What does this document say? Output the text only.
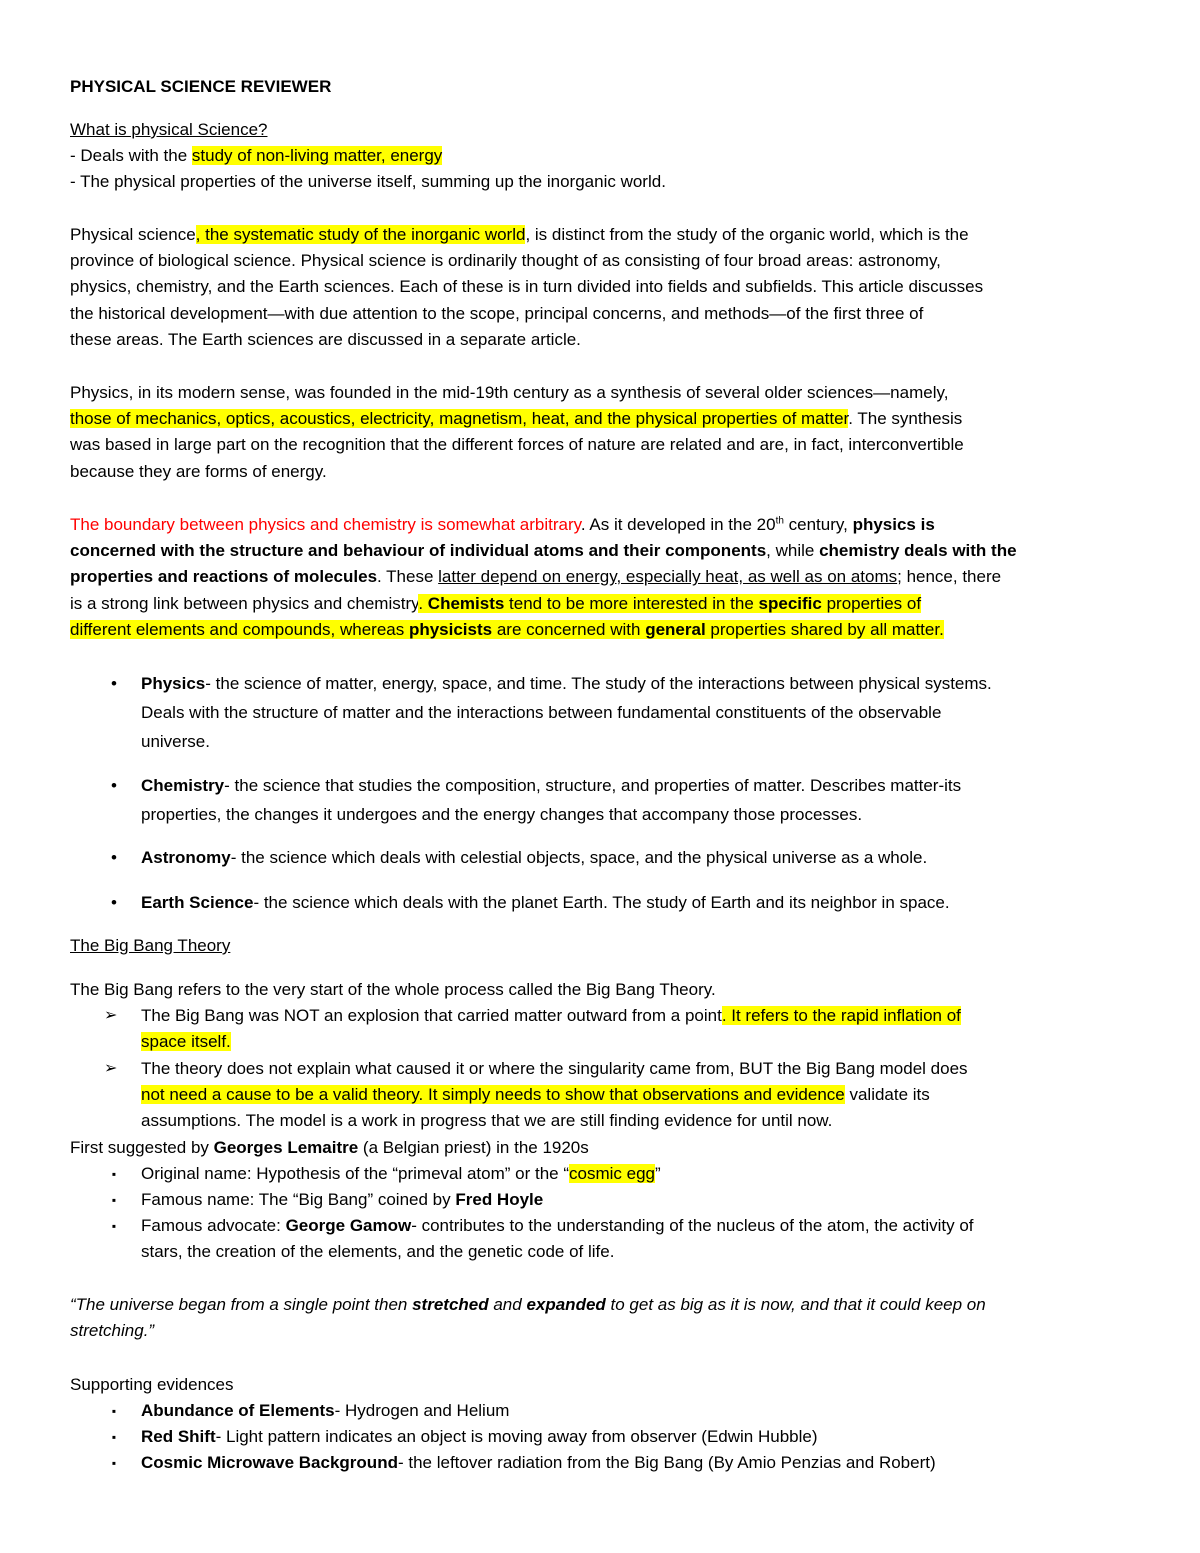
PHYSICAL SCIENCE REVIEWER
What is physical Science?
- Deals with the study of non-living matter, energy
- The physical properties of the universe itself, summing up the inorganic world.
Physical science, the systematic study of the inorganic world, is distinct from the study of the organic world, which is the
province of biological science. Physical science is ordinarily thought of as consisting of four broad areas: astronomy,
physics, chemistry, and the Earth sciences. Each of these is in turn divided into fields and subfields. This article discusses
the historical development—with due attention to the scope, principal concerns, and methods—of the first three of
these areas. The Earth sciences are discussed in a separate article.
Physics, in its modern sense, was founded in the mid-19th century as a synthesis of several older sciences—namely,
those of mechanics, optics, acoustics, electricity, magnetism, heat, and the physical properties of matter. The synthesis
was based in large part on the recognition that the different forces of nature are related and are, in fact, interconvertible
because they are forms of energy.
The boundary between physics and chemistry is somewhat arbitrary. As it developed in the 20th century, physics is
concerned with the structure and behaviour of individual atoms and their components, while chemistry deals with the
properties and reactions of molecules. These latter depend on energy, especially heat, as well as on atoms; hence, there
is a strong link between physics and chemistry. Chemists tend to be more interested in the specific properties of
different elements and compounds, whereas physicists are concerned with general properties shared by all matter.
•	Physics- the science of matter, energy, space, and time. The study of the interactions between physical systems.
Deals with the structure of matter and the interactions between fundamental constituents of the observable
universe.
•	Chemistry- the science that studies the composition, structure, and properties of matter. Describes matter-its
properties, the changes it undergoes and the energy changes that accompany those processes.
•	Astronomy- the science which deals with celestial objects, space, and the physical universe as a whole.
•	Earth Science- the science which deals with the planet Earth. The study of Earth and its neighbor in space.
The Big Bang Theory
The Big Bang refers to the very start of the whole process called the Big Bang Theory.
➢ The Big Bang was NOT an explosion that carried matter outward from a point. It refers to the rapid inflation of
space itself.
➢ The theory does not explain what caused it or where the singularity came from, BUT the Big Bang model does
not need a cause to be a valid theory. It simply needs to show that observations and evidence validate its
assumptions. The model is a work in progress that we are still finding evidence for until now.
First suggested by Georges Lemaitre (a Belgian priest) in the 1920s
▪	Original name: Hypothesis of the “primeval atom” or the “cosmic egg”
▪	Famous name: The “Big Bang” coined by Fred Hoyle
▪	Famous advocate: George Gamow- contributes to the understanding of the nucleus of the atom, the activity of
stars, the creation of the elements, and the genetic code of life.
“The universe began from a single point then stretched and expanded to get as big as it is now, and that it could keep on
stretching.”
Supporting evidences
▪	Abundance of Elements- Hydrogen and Helium
▪	Red Shift- Light pattern indicates an object is moving away from observer (Edwin Hubble)
▪	Cosmic Microwave Background- the leftover radiation from the Big Bang (By Amio Penzias and Robert)
